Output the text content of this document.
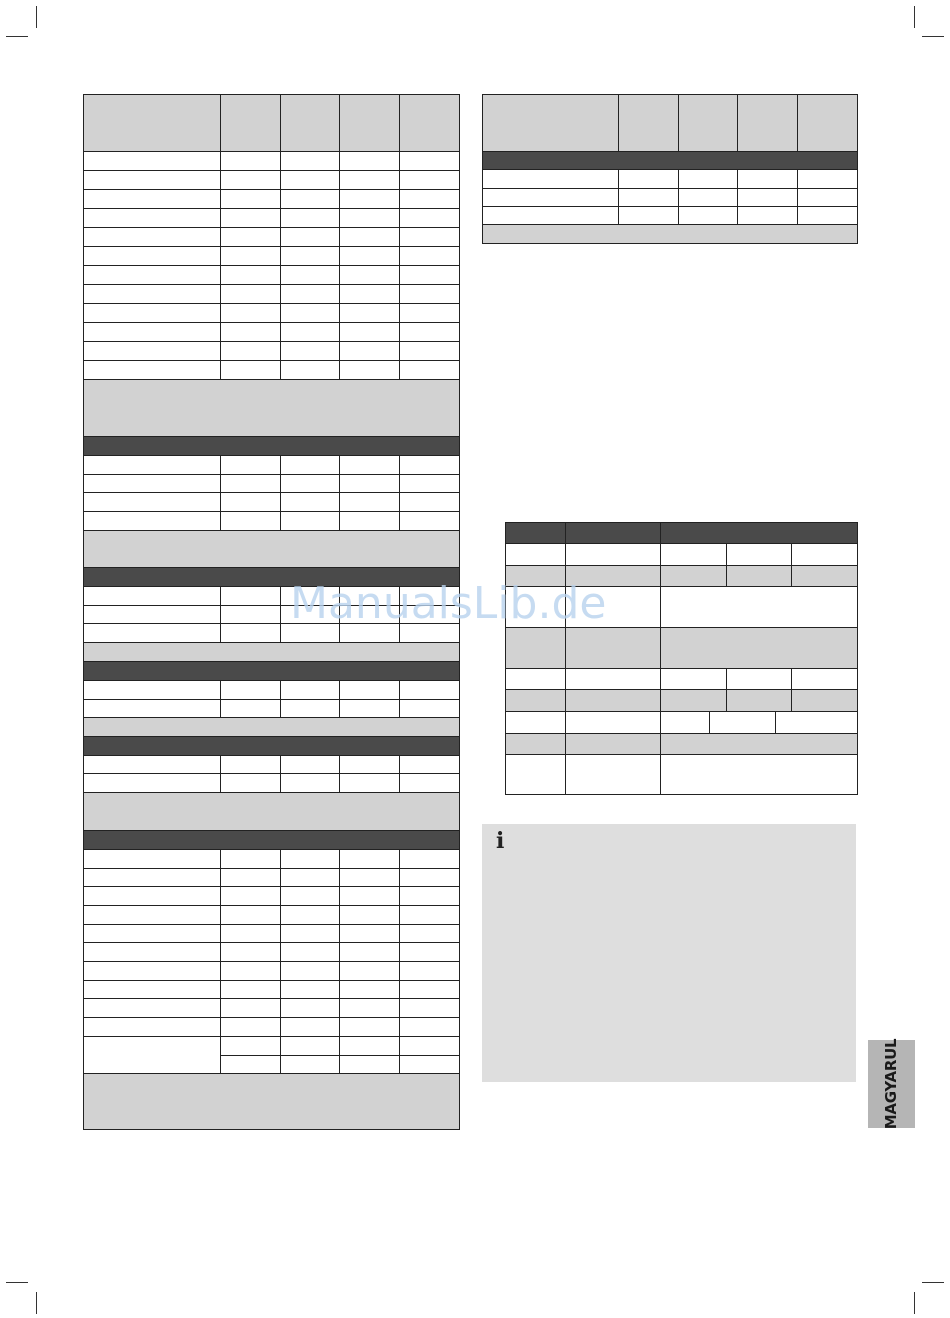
i
MAGYARUL
ManualsLib.de
